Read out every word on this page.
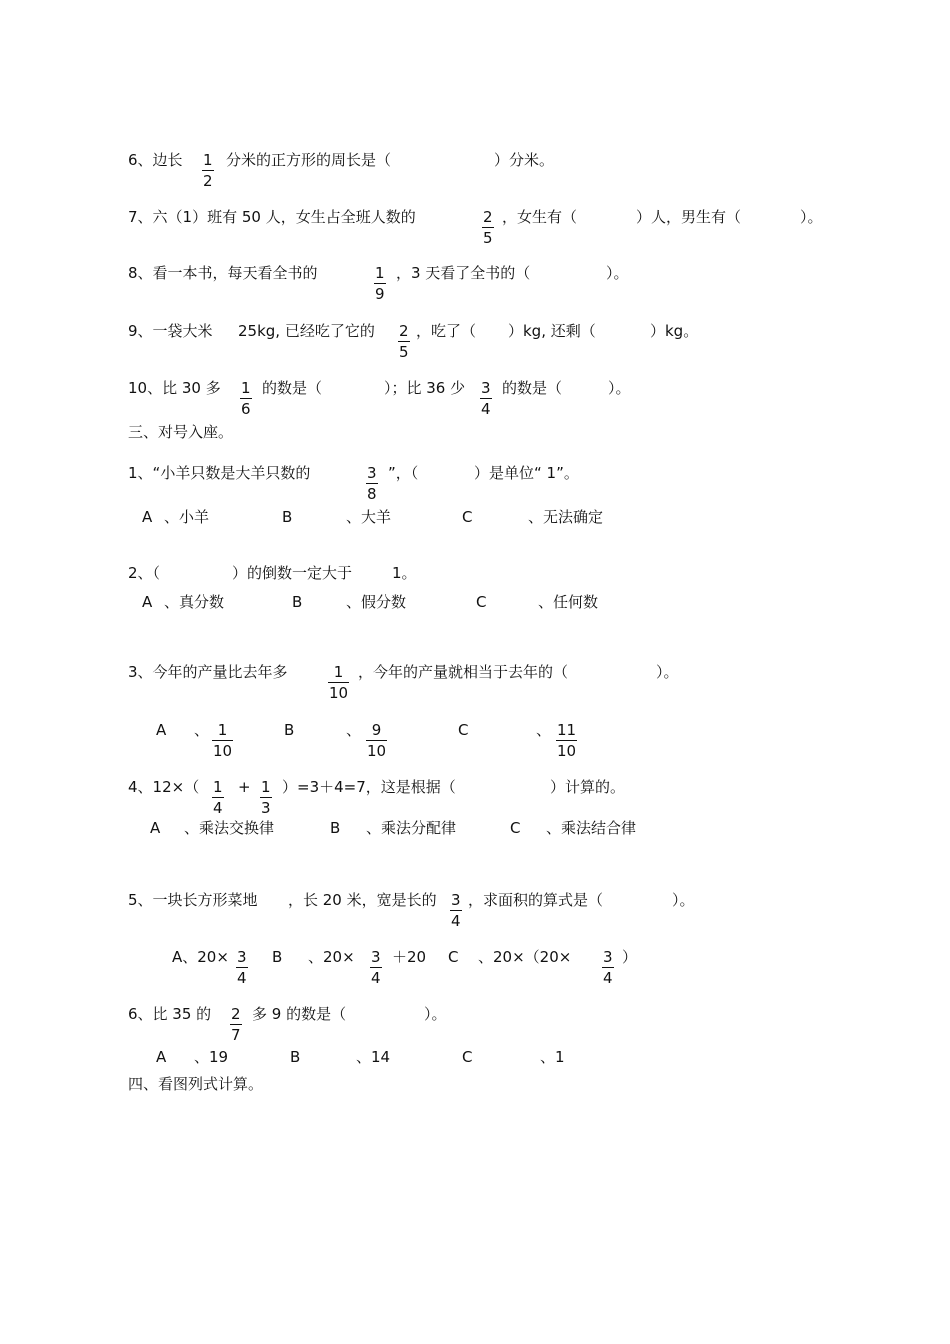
6、边长 1
2
分米的正方形的周长是（	）分米。
7、六（1）班有 50 人，女生占全班人数的	2
5
，女生有（	）人，男生有（	）。
8、看一本书，每天看全书的	1
9
，3 天看了全书的（	）。
9、一袋大米 25kg, 已经吃了它的 2
5
，吃了（ ）kg, 还剩（	）kg。
10、比 30 多 1
6
的数是（	）；比 36 少 3
4
的数是（	）。
三、对号入座。
1、“小羊只数是大羊只数的	3
8
”，（	）是单位“ 1”。
A 、小羊	B	、大羊	C	、无法确定
2、（	）的倒数一定大于	1。
A 、真分数	B	、假分数	C	、任何数
3、今年的产量比去年多	1
10
，今年的产量就相当于去年的（	）。
A 、 1
10
B	、 9
10
C	、 11
10
4、12×（ 1
4
+ 1
3
）=3＋4=7，这是根据（	）计算的。
A 、乘法交换律	B 、乘法分配律	C 、乘法结合律
5、一块长方形菜地 ，长 20 米，宽是长的 3
4
，求面积的算式是（	）。
A、20× 3
4
B 、20× 3
4
＋20 C 、20×（20× 3
4
）
6、比 35 的 2
7
多 9 的数是（	）。
A 、19	B	、14	C	、1
四、看图列式计算。
